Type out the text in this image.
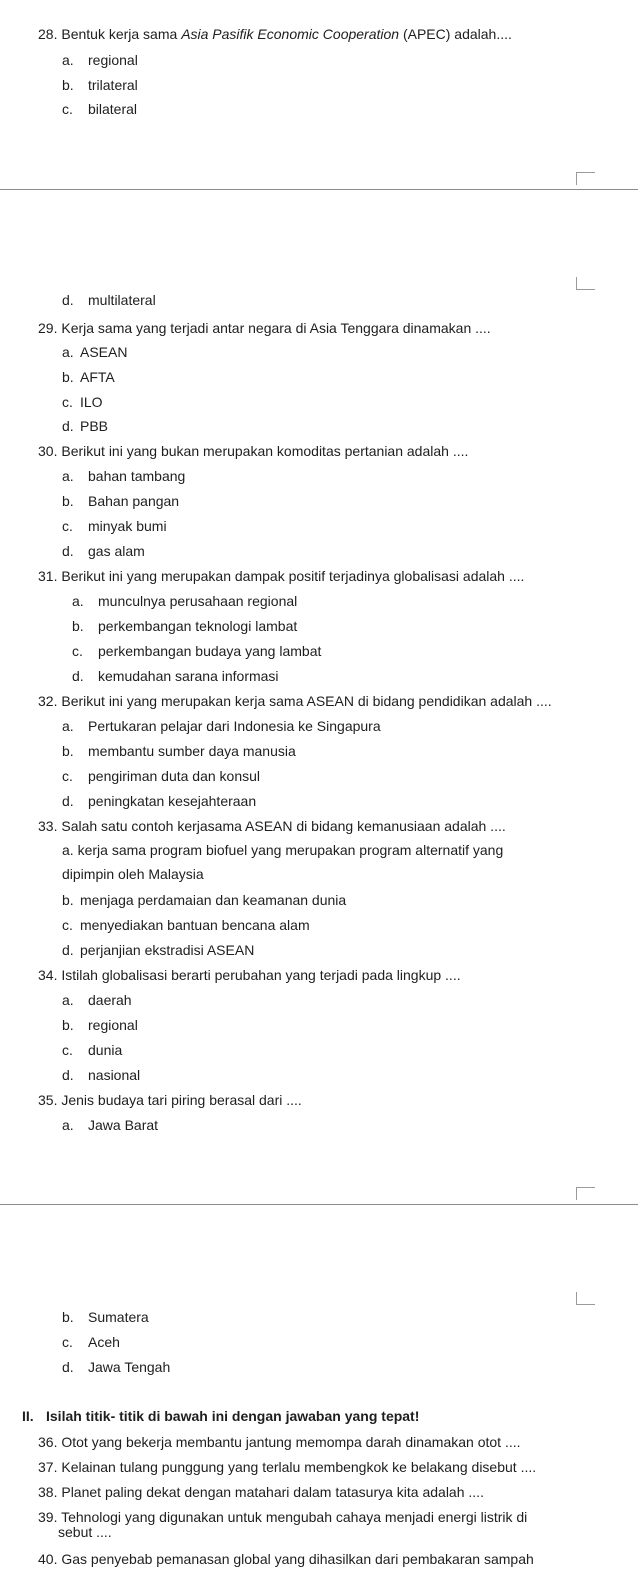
28. Bentuk kerja sama Asia Pasifik Economic Cooperation (APEC) adalah....
a. regional
b. trilateral
c. bilateral
d. multilateral
29. Kerja sama yang terjadi antar negara di Asia Tenggara dinamakan ....
a. ASEAN
b. AFTA
c. ILO
d. PBB
30. Berikut ini yang bukan merupakan komoditas pertanian adalah ....
a. bahan tambang
b. Bahan pangan
c. minyak bumi
d. gas alam
31. Berikut ini yang merupakan dampak positif terjadinya globalisasi adalah ....
a. munculnya perusahaan regional
b. perkembangan teknologi lambat
c. perkembangan budaya yang lambat
d. kemudahan sarana informasi
32. Berikut ini yang merupakan kerja sama ASEAN di bidang pendidikan adalah ....
a. Pertukaran pelajar dari Indonesia ke Singapura
b. membantu sumber daya manusia
c. pengiriman duta dan konsul
d. peningkatan kesejahteraan
33. Salah satu contoh kerjasama ASEAN di bidang kemanusiaan adalah ....
a. kerja sama program biofuel yang merupakan program alternatif yang dipimpin oleh Malaysia
b. menjaga perdamaian dan keamanan dunia
c. menyediakan bantuan bencana alam
d. perjanjian ekstradisi ASEAN
34. Istilah globalisasi berarti perubahan yang terjadi pada lingkup ....
a. daerah
b. regional
c. dunia
d. nasional
35. Jenis budaya tari piring berasal dari ....
a. Jawa Barat
b. Sumatera
c. Aceh
d. Jawa Tengah
II. Isilah titik- titik di bawah ini dengan jawaban yang tepat!
36. Otot yang bekerja membantu jantung memompa darah dinamakan otot ....
37. Kelainan tulang punggung yang terlalu membengkok ke belakang disebut ....
38. Planet paling dekat dengan matahari dalam tatasurya kita adalah ....
39. Tehnologi yang digunakan untuk mengubah cahaya menjadi energi listrik di
sebut ....
40. Gas penyebab pemanasan global yang dihasilkan dari pembakaran sampah
